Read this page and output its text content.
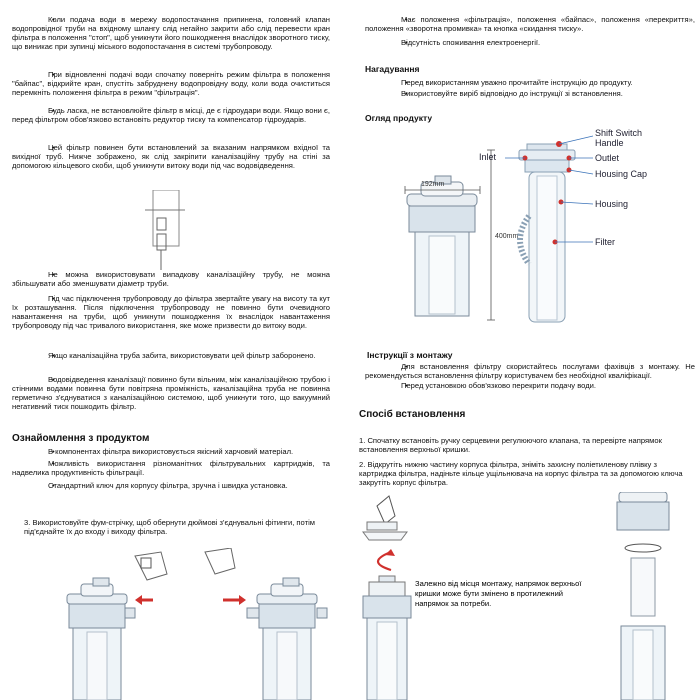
• Коли подача води в мережу водопостачання припинена, головний клапан водопровідної труби на вхідному шлангу слід негайно закрити або слід перевести кран фільтра в положення "стоп", щоб уникнути його пошкодження внаслідок зворотного тиску, що виникає при зупинці міського водопостачання в системі трубопроводу.

• При відновленні подачі води спочатку поверніть режим фільтра в положення "байпас", відкрийте кран, спустіть забруднену водопровідну воду, коли вода очиститься перемкніть положення фільтра в режим "фільтрація".

• Будь ласка, не встановлюйте фільтр в місці, де є гідроудари води. Якщо вони є, перед фільтром обов'язково встановіть редуктор тиску та компенсатор гідроударів.

• Цей фільтр повинен бути встановлений за вказаним напрямком вхідної та вихідної труб. Нижче зображено, як слід закріпити каналізаційну трубу на стіні за допомогою кільцевого скоби, щоб уникнути витоку води під час водовідведення.

• Не можна використовувати випадкову каналізаційну трубу, не можна збільшувати або зменшувати діаметр труби.

• Під час підключення трубопроводу до фільтра звертайте увагу на висоту та кут їх розташування. Після підключення трубопроводу не повинно бути очевидного навантаження на труби, щоб уникнути пошкодження їх внаслідок навантаження трубопроводу під час тривалого використання, яке може призвести до витоку води.

• Якщо каналізаційна труба забита, використовувати цей фільтр заборонено.

• Водовідведення каналізації повинно бути вільним, між каналізаційною трубою і стінними водами повинна бути повітряна проміжність, каналізаційна труба не повинна герметично з'єднуватися з каналізаційною системою, щоб уникнути того, що вакуумний негативний тиск пошкодить фільтр.

Ознайомлення з продуктом

• В компонентах фільтра використовується якісний харчовий матеріал.

• Можливість використання різноманітних фільтрувальних картриджів, та надвелика продуктивність фільтрації.

• Стандартний ключ для корпусу фільтра, зручна і швидка установка.

3. Використовуйте фум-стрічку, щоб обернути дюймові з'єднувальні фітинги, потім під'єднайте їх до входу і виходу фільтра.

• Має положення «фільтрація», положення «байпас», положення «перекриття», положення «зворотна промивка» та кнопка «скидання тиску».

• Відсутність споживання електроенергії.

Нагадування

• Перед використанням уважно прочитайте інструкцію до продукту.

• Використовуйте виріб відповідно до інструкції зі встановлення.

Огляд продукту
192mm
400mm
Shift Switch Handle
Inlet	Outlet
Housing Cap
Housing
Filter
Інструкції з монтажу

• Для встановлення фільтру скористайтесь послугами фахівців з монтажу. Не рекомендується встановлення фільтру користувачем без необхідної кваліфікації.

• Перед установкою обов'язково перекрити подачу води.

Спосіб встановлення

1. Спочатку встановіть ручку серцевини регулюючого клапана, та перевірте напрямок встановлення верхньої кришки.

2. Відкрутіть нижню частину корпуса фільтра, зніміть захисну поліетиленову плівку з картриджа фільтра, надіньте кільце ущільнювача на корпус фільтра та за допомогою ключа закрутіть корпус фільтра.

Залежно від місця монтажу, напрямок верхньої кришки може бути змінено в протилежний напрямок за потреби.
